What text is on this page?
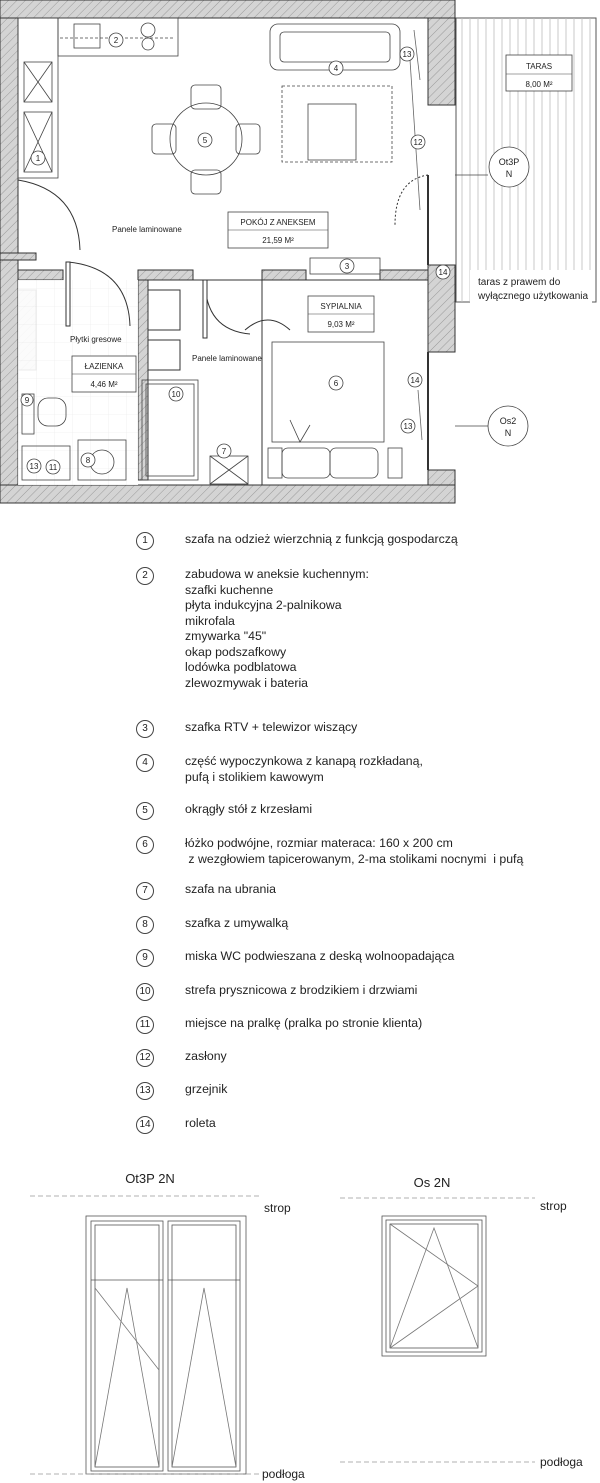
TARAS
8,00 M²
taras z prawem do
wyłącznego użytkowania
Ot3P
N
Os2
N
POKÓJ Z ANEKSEM
21,59 M²
ŁAZIENKA
4,46 M²
SYPIALNIA
9,03 M²
Panele laminowane
Panele laminowane
Płytki gresowe
1
2
3
4
5
6
7
8
9
10
11
12
13
13
13
14
14
1	szafa na odzież wierzchnią z funkcją gospodarczą
2	zabudowa w aneksie kuchennym:
szafki kuchenne
płyta indukcyjna 2-palnikowa
mikrofala
zmywarka "45"
okap podszafkowy
lodówka podblatowa
zlewozmywak i bateria
3	szafka RTV + telewizor wiszący
4	część wypoczynkowa z kanapą rozkładaną,
pufą i stolikiem kawowym
5	okrągły stół z krzesłami
6	łóżko podwójne, rozmiar materaca: 160 x 200 cm
z wezgłowiem tapicerowanym, 2-ma stolikami nocnymi  i pufą
7	szafa na ubrania
8	szafka z umywalką
9	miska WC podwieszana z deską wolnoopadająca
10	strefa prysznicowa z brodzikiem i drzwiami
11	miejsce na pralkę (pralka po stronie klienta)
12	zasłony
13	grzejnik
14	roleta
Ot3P 2N
strop
podłoga
Os 2N
strop
podłoga
